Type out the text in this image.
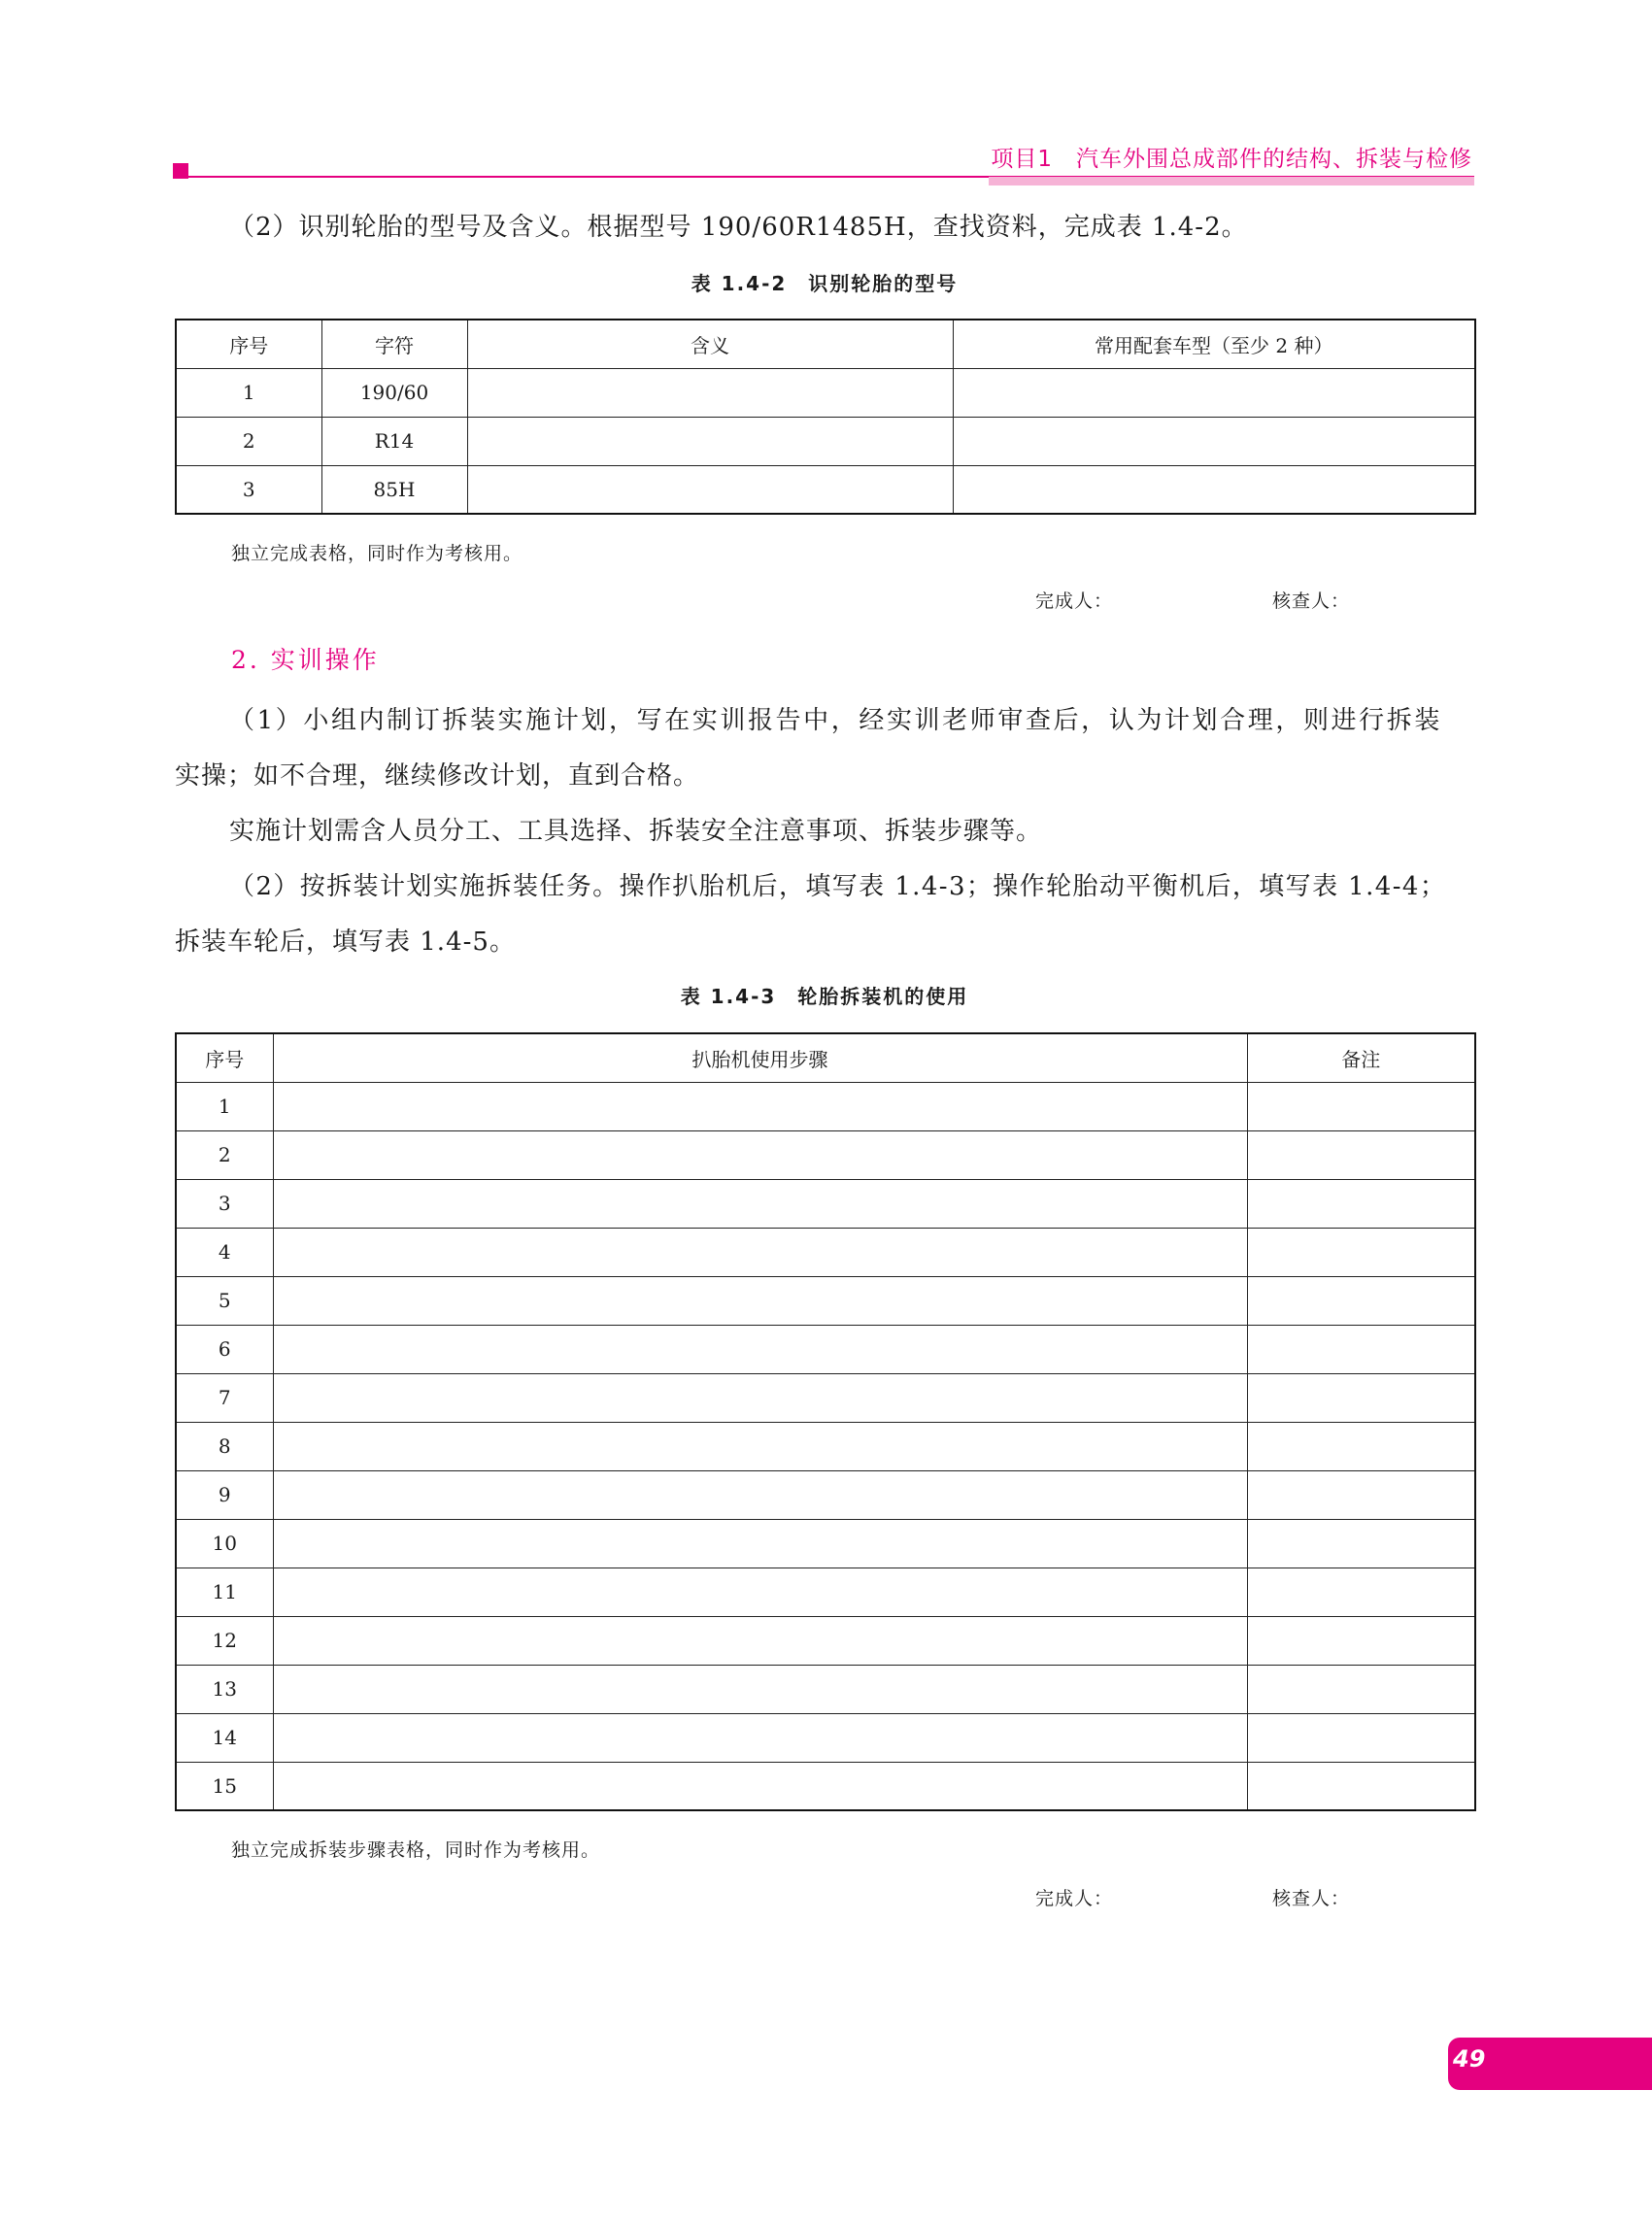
项目1　汽车外围总成部件的结构、拆装与检修
（2）识别轮胎的型号及含义。根据型号 190/60R1485H，查找资料，完成表 1.4-2。
表 1.4-2　识别轮胎的型号
序号	字符	含义	常用配套车型（至少 2 种）
1	190/60		
2	R14		
3	85H		
独立完成表格，同时作为考核用。
完成人：	核查人：
2. 实训操作
（1）小组内制订拆装实施计划，写在实训报告中，经实训老师审查后，认为计划合理，则进行拆装
实操；如不合理，继续修改计划，直到合格。
实施计划需含人员分工、工具选择、拆装安全注意事项、拆装步骤等。
（2）按拆装计划实施拆装任务。操作扒胎机后，填写表 1.4-3；操作轮胎动平衡机后，填写表 1.4-4；
拆装车轮后，填写表 1.4-5。
表 1.4-3　轮胎拆装机的使用
序号	扒胎机使用步骤	备注
1		
2		
3		
4		
5		
6		
7		
8		
9		
10		
11		
12		
13		
14		
15		
独立完成拆装步骤表格，同时作为考核用。
完成人：	核查人：
49
